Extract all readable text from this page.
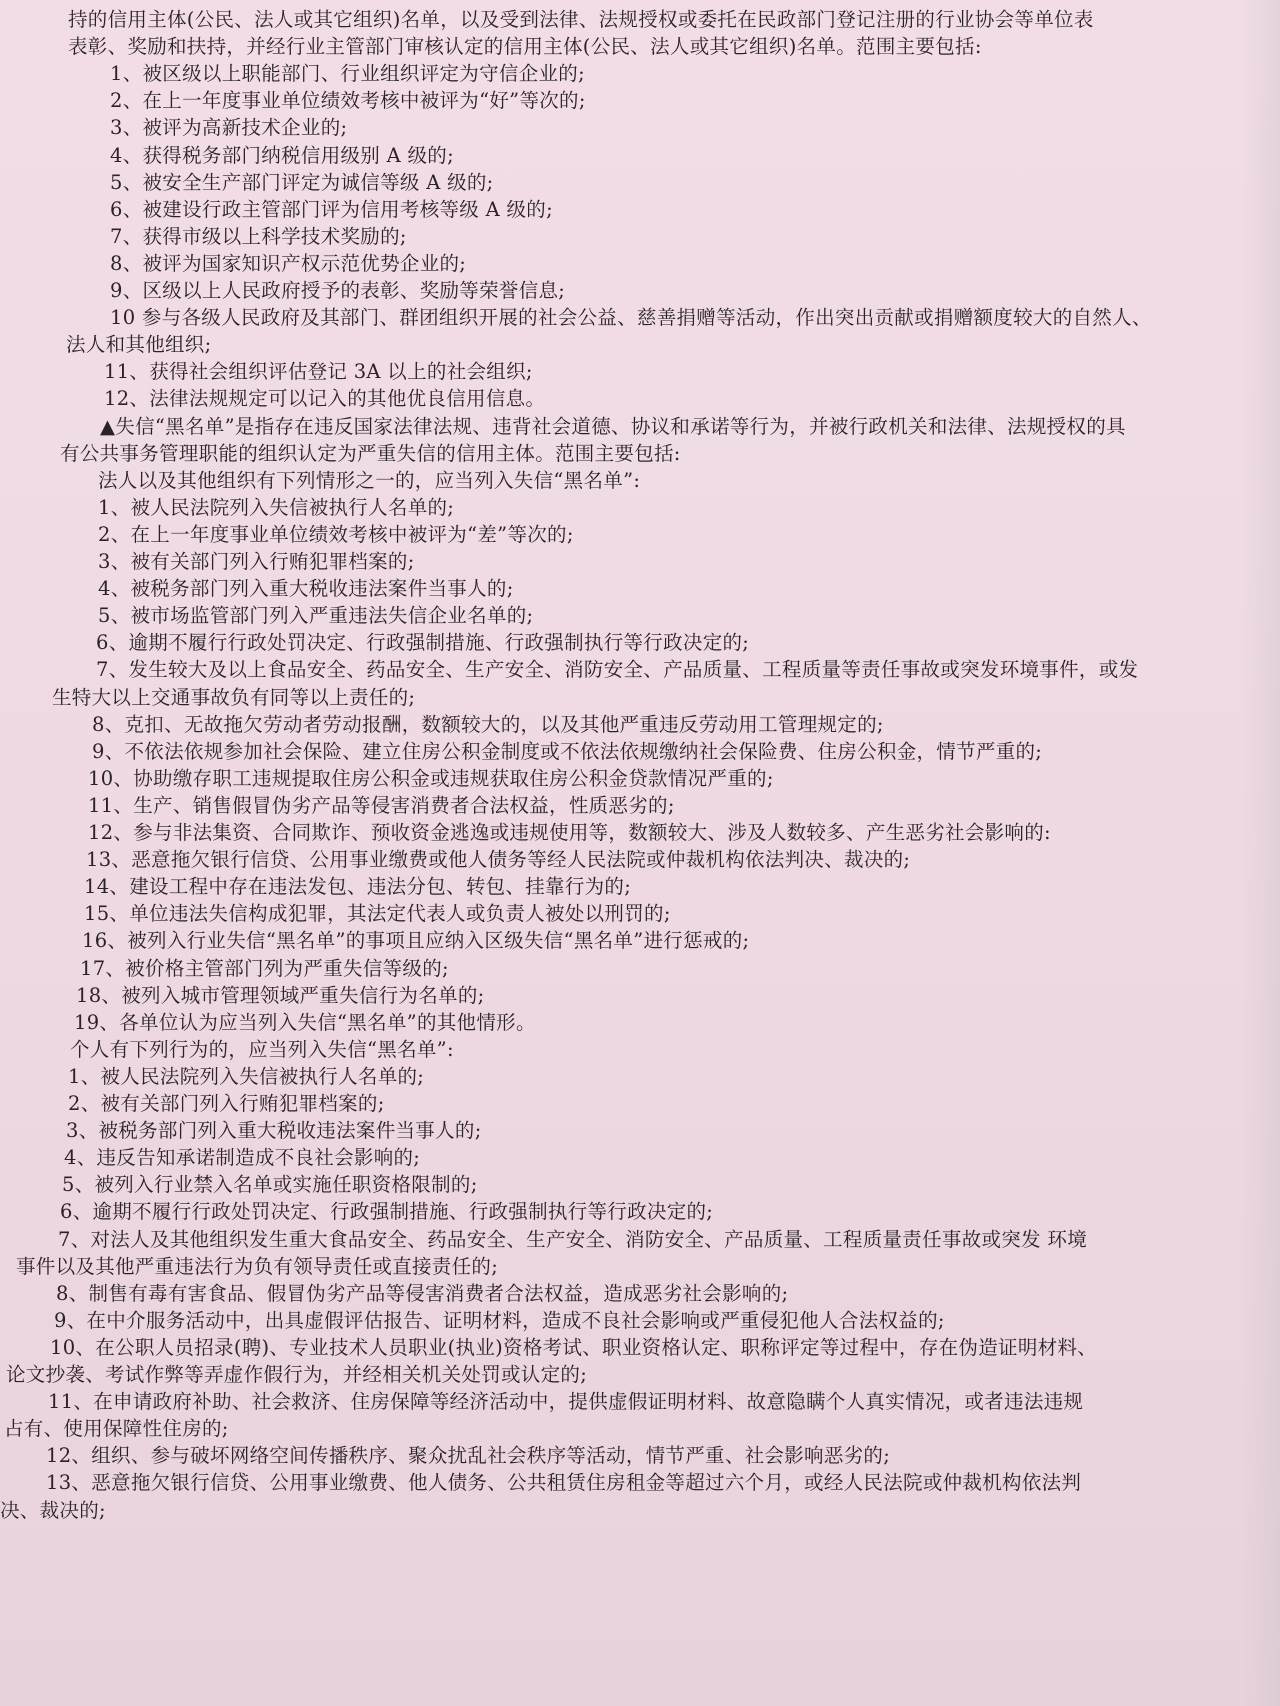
持的信用主体(公民、法人或其它组织)名单，以及受到法律、法规授权或委托在民政部门登记注册的行业协会等单位表
表彰、奖励和扶持，并经行业主管部门审核认定的信用主体(公民、法人或其它组织)名单。范围主要包括:
1、被区级以上职能部门、行业组织评定为守信企业的;
2、在上一年度事业单位绩效考核中被评为“好”等次的;
3、被评为高新技术企业的;
4、获得税务部门纳税信用级别 A 级的;
5、被安全生产部门评定为诚信等级 A 级的;
6、被建设行政主管部门评为信用考核等级 A 级的;
7、获得市级以上科学技术奖励的;
8、被评为国家知识产权示范优势企业的;
9、区级以上人民政府授予的表彰、奖励等荣誉信息;
10 参与各级人民政府及其部门、群团组织开展的社会公益、慈善捐赠等活动，作出突出贡献或捐赠额度较大的自然人、
法人和其他组织;
11、获得社会组织评估登记 3A 以上的社会组织;
12、法律法规规定可以记入的其他优良信用信息。
▲失信“黑名单”是指存在违反国家法律法规、违背社会道德、协议和承诺等行为，并被行政机关和法律、法规授权的具
有公共事务管理职能的组织认定为严重失信的信用主体。范围主要包括:
法人以及其他组织有下列情形之一的，应当列入失信“黑名单”:
1、被人民法院列入失信被执行人名单的;
2、在上一年度事业单位绩效考核中被评为“差”等次的;
3、被有关部门列入行贿犯罪档案的;
4、被税务部门列入重大税收违法案件当事人的;
5、被市场监管部门列入严重违法失信企业名单的;
6、逾期不履行行政处罚决定、行政强制措施、行政强制执行等行政决定的;
7、发生较大及以上食品安全、药品安全、生产安全、消防安全、产品质量、工程质量等责任事故或突发环境事件，或发
生特大以上交通事故负有同等以上责任的;
8、克扣、无故拖欠劳动者劳动报酬，数额较大的，以及其他严重违反劳动用工管理规定的;
9、不依法依规参加社会保险、建立住房公积金制度或不依法依规缴纳社会保险费、住房公积金，情节严重的;
10、协助缴存职工违规提取住房公积金或违规获取住房公积金贷款情况严重的;
11、生产、销售假冒伪劣产品等侵害消费者合法权益，性质恶劣的;
12、参与非法集资、合同欺诈、预收资金逃逸或违规使用等，数额较大、涉及人数较多、产生恶劣社会影响的:
13、恶意拖欠银行信贷、公用事业缴费或他人债务等经人民法院或仲裁机构依法判决、裁决的;
14、建设工程中存在违法发包、违法分包、转包、挂靠行为的;
15、单位违法失信构成犯罪，其法定代表人或负责人被处以刑罚的;
16、被列入行业失信“黑名单”的事项且应纳入区级失信“黑名单”进行惩戒的;
17、被价格主管部门列为严重失信等级的;
18、被列入城市管理领域严重失信行为名单的;
19、各单位认为应当列入失信“黑名单”的其他情形。
个人有下列行为的，应当列入失信“黑名单”:
1、被人民法院列入失信被执行人名单的;
2、被有关部门列入行贿犯罪档案的;
3、被税务部门列入重大税收违法案件当事人的;
4、违反告知承诺制造成不良社会影响的;
5、被列入行业禁入名单或实施任职资格限制的;
6、逾期不履行行政处罚决定、行政强制措施、行政强制执行等行政决定的;
7、对法人及其他组织发生重大食品安全、药品安全、生产安全、消防安全、产品质量、工程质量责任事故或突发 环境
事件以及其他严重违法行为负有领导责任或直接责任的;
8、制售有毒有害食品、假冒伪劣产品等侵害消费者合法权益，造成恶劣社会影响的;
9、在中介服务活动中，出具虚假评估报告、证明材料，造成不良社会影响或严重侵犯他人合法权益的;
10、在公职人员招录(聘)、专业技术人员职业(执业)资格考试、职业资格认定、职称评定等过程中，存在伪造证明材料、
论文抄袭、考试作弊等弄虚作假行为，并经相关机关处罚或认定的;
11、在申请政府补助、社会救济、住房保障等经济活动中，提供虚假证明材料、故意隐瞒个人真实情况，或者违法违规
占有、使用保障性住房的;
12、组织、参与破坏网络空间传播秩序、聚众扰乱社会秩序等活动，情节严重、社会影响恶劣的;
13、恶意拖欠银行信贷、公用事业缴费、他人债务、公共租赁住房租金等超过六个月，或经人民法院或仲裁机构依法判
决、裁决的;
